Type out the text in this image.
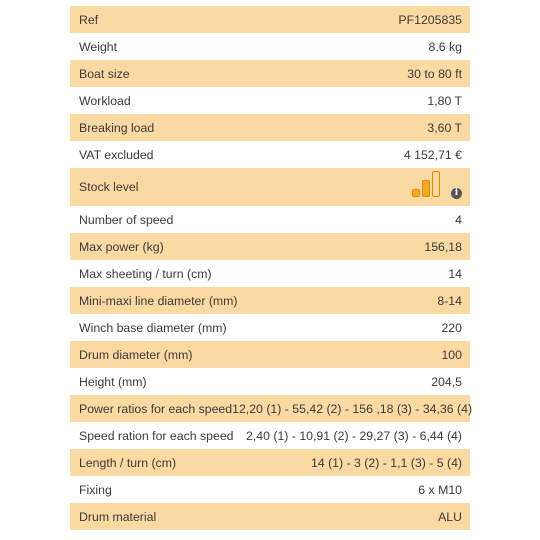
Ref	PF1205835
Weight	8.6 kg
Boat size	30 to 80 ft
Workload	1,80 T
Breaking load	3,60 T
VAT excluded	4 152,71 €
Stock level	i
Number of speed	4
Max power (kg)	156,18
Max sheeting / turn (cm)	14
Mini-maxi line diameter (mm)	8-14
Winch base diameter (mm)	220
Drum diameter (mm)	100
Height (mm)	204,5
Power ratios for each speed 12,20 (1) - 55,42 (2) - 156 ,18 (3) - 34,36 (4)
Speed ration for each speed 2,40 (1) - 10,91 (2) - 29,27 (3) - 6,44 (4)
Length / turn (cm)	14 (1) - 3 (2) - 1,1 (3) - 5 (4)
Fixing	6 x M10
Drum material	ALU
